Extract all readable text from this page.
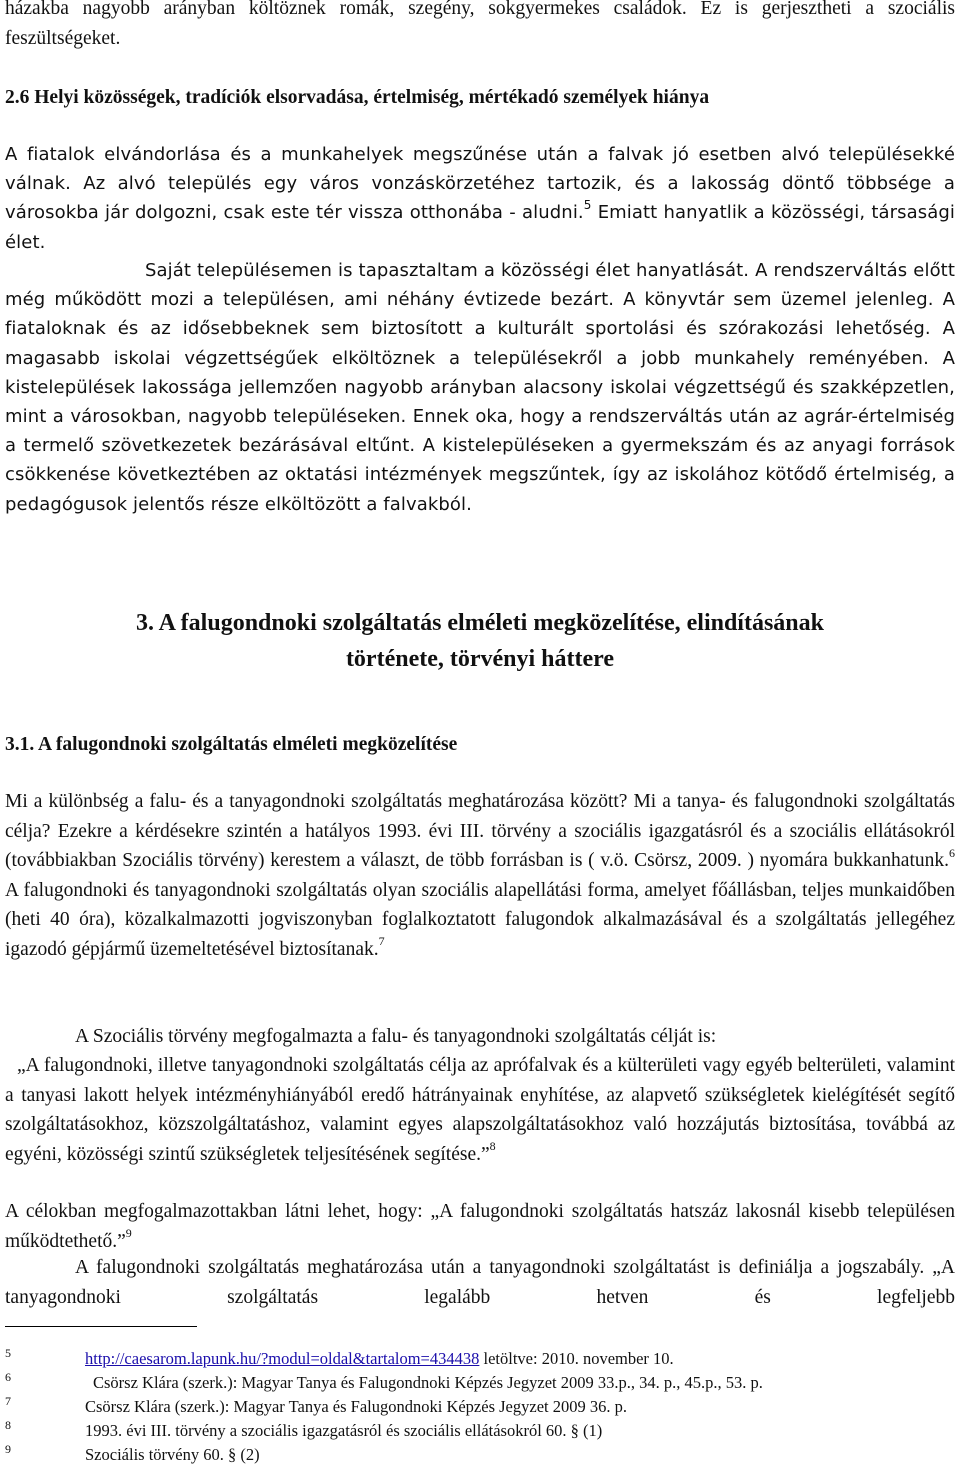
házakba nagyobb arányban költöznek romák, szegény, sokgyermekes családok. Ez is gerjesztheti a szociális feszültségeket.

2.6 Helyi közösségek, tradíciók elsorvadása, értelmiség, mértékadó személyek hiánya

A fiatalok elvándorlása és a munkahelyek megszűnése után a falvak jó esetben alvó településekké válnak. Az alvó település egy város vonzáskörzetéhez tartozik, és a lakosság döntő többsége a városokba jár dolgozni, csak este tér vissza otthonába - aludni.$^5$ Emiatt hanyatlik a közösségi, társasági élet.

Saját településemen is tapasztaltam a közösségi élet hanyatlását. A rendszerváltás előtt még működött mozi a településen, ami néhány évtizede bezárt. A könyvtár sem üzemel jelenleg. A fiataloknak és az idősebbeknek sem biztosított a kulturált sportolási és szórakozási lehetőség. A magasabb iskolai végzettségűek elköltöznek a településekről a jobb munkahely reményében. A kistelepülések lakossága jellemzően nagyobb arányban alacsony iskolai végzettségű és szakképzetlen, mint a városokban, nagyobb településeken. Ennek oka, hogy a rendszerváltás után az agrár-értelmiség a termelő szövetkezetek bezárásával eltűnt. A kistelepüléseken a gyermekszám és az anyagi források csökkenése következtében az oktatási intézmények megszűntek, így az iskolához kötődő értelmiség, a pedagógusok jelentős része elköltözött a falvakból.

3. A falugondnoki szolgáltatás elméleti megközelítése, elindításának
története, törvényi háttere
3.1. A falugondnoki szolgáltatás elméleti megközelítése

Mi a különbség a falu- és a tanyagondnoki szolgáltatás meghatározása között? Mi a tanya- és falugondnoki szolgáltatás célja? Ezekre a kérdésekre szintén a hatályos 1993. évi III. törvény a szociális igazgatásról és a szociális ellátásokról (továbbiakban Szociális törvény) kerestem a választ, de több forrásban is ( v.ö. Csörsz, 2009. ) nyomára bukkanhatunk.$^6$ A falugondnoki és tanyagondnoki szolgáltatás olyan szociális alapellátási forma, amelyet főállásban, teljes munkaidőben (heti 40 óra), közalkalmazotti jogviszonyban foglalkoztatott falugondok alkalmazásával és a szolgáltatás jellegéhez igazodó gépjármű üzemeltetésével biztosítanak.$^7$

A Szociális törvény megfogalmazta a falu- és tanyagondnoki szolgáltatás célját is:

„A falugondnoki, illetve tanyagondnoki szolgáltatás célja az aprófalvak és a külterületi vagy egyéb belterületi, valamint a tanyasi lakott helyek intézményhiányából eredő hátrányainak enyhítése, az alapvető szükségletek kielégítését segítő szolgáltatásokhoz, közszolgáltatáshoz, valamint egyes alapszolgáltatásokhoz való hozzájutás biztosítása, továbbá az egyéni, közösségi szintű szükségletek teljesítésének segítése.”$^8$

A célokban megfogalmazottakban látni lehet, hogy: „A falugondnoki szolgáltatás hatszáz lakosnál kisebb településen működtethető.”$^9$

A falugondnoki szolgáltatás meghatározása után a tanyagondnoki szolgáltatást is definiálja a jogszabály. „A tanyagondnoki szolgáltatás legalább hetven és legfeljebb

5	http://caesarom.lapunk.hu/?modul=oldal&tartalom=434438 letöltve: 2010. november 10.
6	Csörsz Klára (szerk.): Magyar Tanya és Falugondnoki Képzés Jegyzet 2009 33.p., 34. p., 45.p., 53. p.
7	Csörsz Klára (szerk.): Magyar Tanya és Falugondnoki Képzés Jegyzet 2009 36. p.
8	1993. évi III. törvény a szociális igazgatásról és szociális ellátásokról 60. § (1)
9	Szociális törvény 60. § (2)
